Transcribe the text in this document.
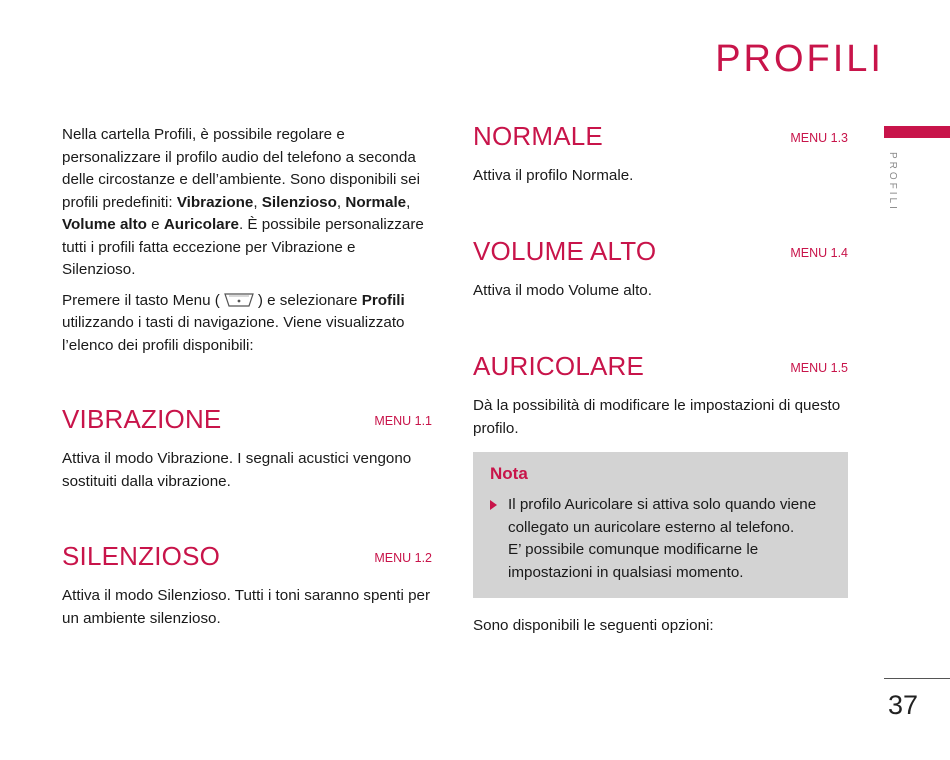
PROFILI
PROFILI

Nella cartella Profili, è possibile regolare e personalizzare il profilo audio del telefono a seconda delle circostanze e dell’ambiente. Sono disponibili sei profili predefiniti: Vibrazione, Silenzioso, Normale, Volume alto e Auricolare. È possibile personalizzare tutti i profili fatta eccezione per Vibrazione e Silenzioso.

Premere il tasto Menu (	) e selezionare Profili utilizzando i tasti di navigazione. Viene visualizzato l’elenco dei profili disponibili:

VIBRAZIONE	MENU 1.1

Attiva il modo Vibrazione. I segnali acustici vengono sostituiti dalla vibrazione.

SILENZIOSO	MENU 1.2

Attiva il modo Silenzioso. Tutti i toni saranno spenti per un ambiente silenzioso.

NORMALE	MENU 1.3

Attiva il profilo Normale.

VOLUME ALTO	MENU 1.4

Attiva il modo Volume alto.

AURICOLARE	MENU 1.5

Dà la possibilità di modificare le impostazioni di questo profilo.

Nota

Il profilo Auricolare si attiva solo quando viene collegato un auricolare esterno al telefono.

E’ possibile comunque modificarne le impostazioni in qualsiasi momento.

Sono disponibili le seguenti opzioni:

37
